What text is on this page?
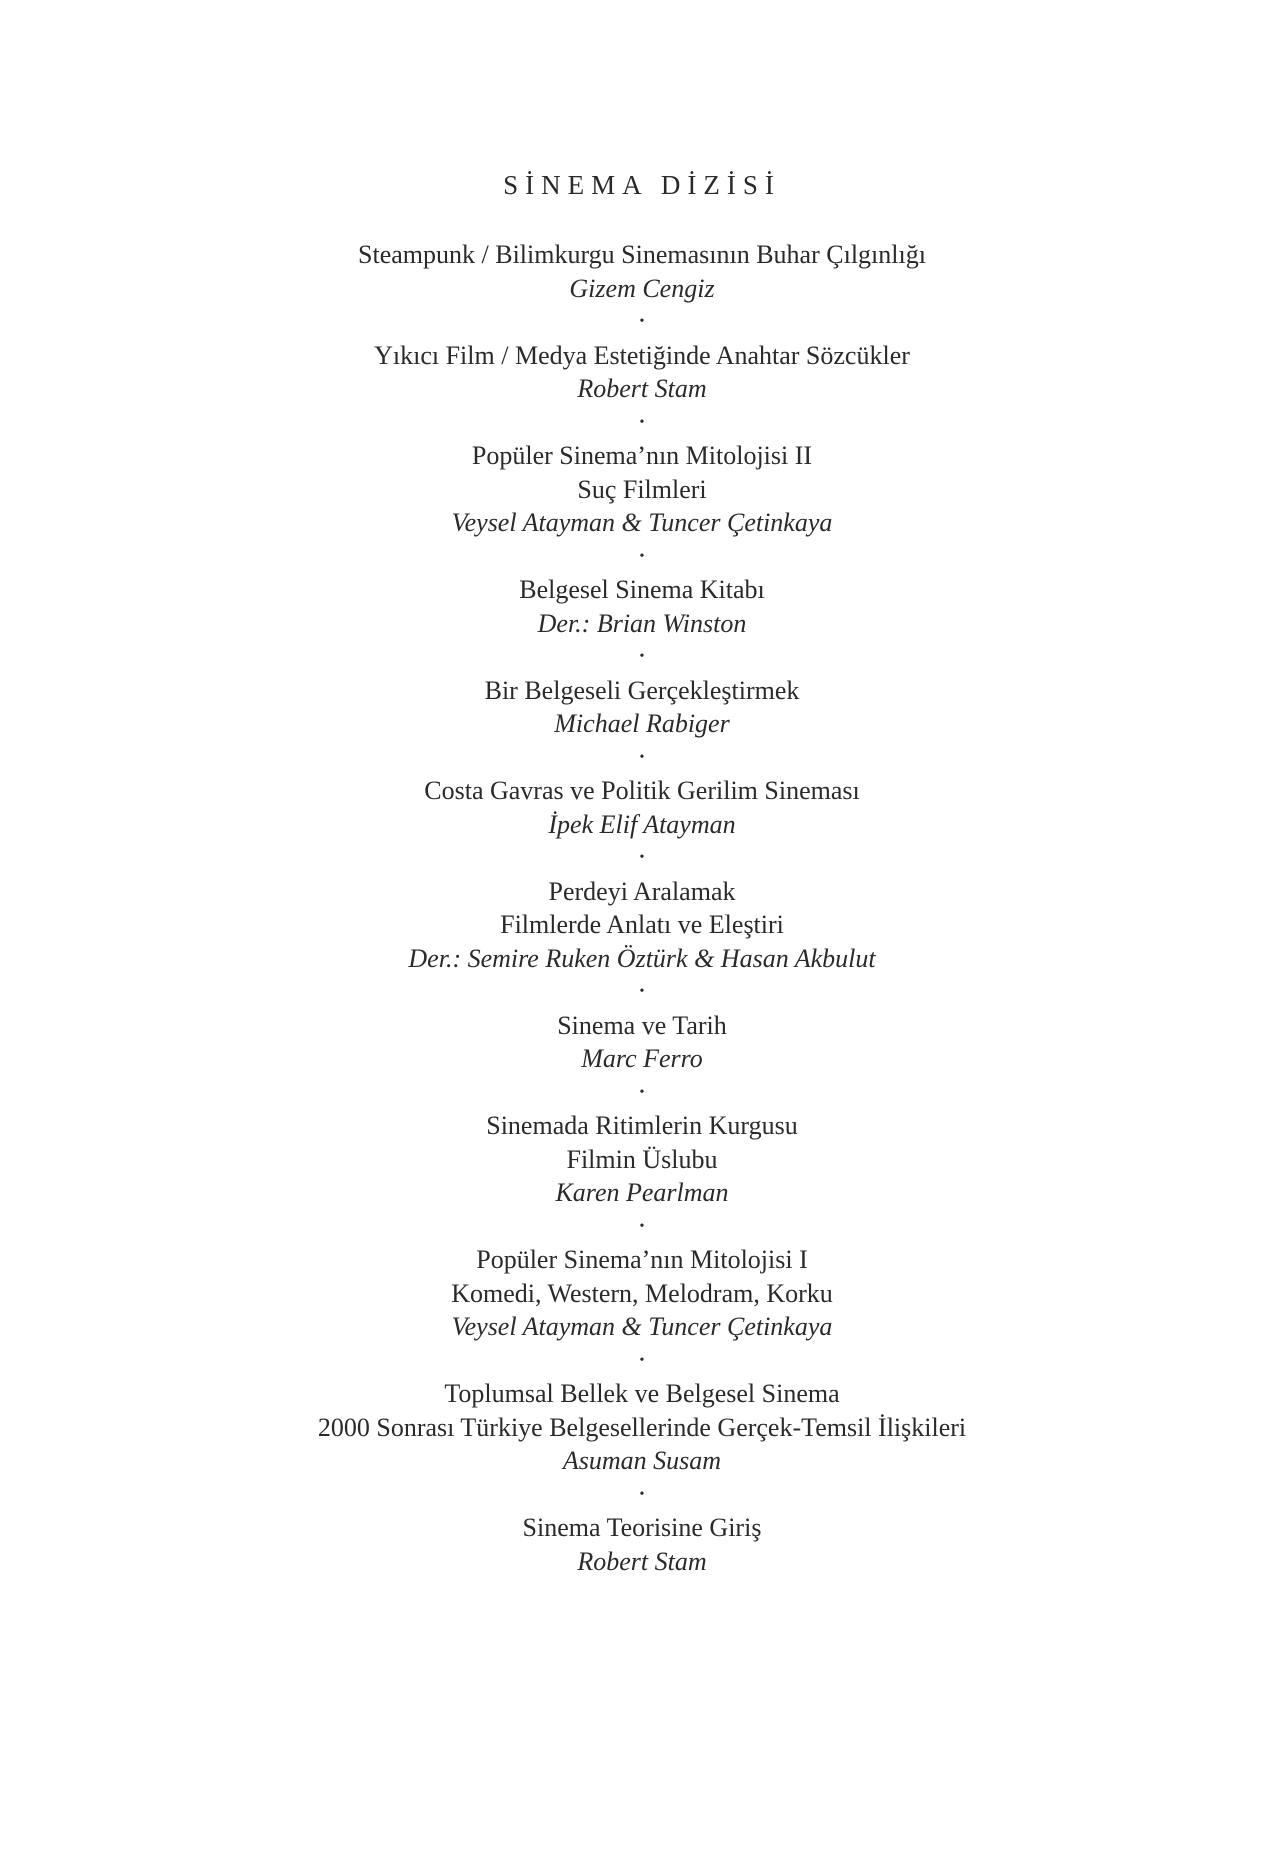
SİNEMA DİZİSİ
Steampunk / Bilimkurgu Sinemasının Buhar Çılgınlığı
Gizem Cengiz
•
Yıkıcı Film / Medya Estetiğinde Anahtar Sözcükler
Robert Stam
•
Popüler Sinema’nın Mitolojisi II
Suç Filmleri
Veysel Atayman & Tuncer Çetinkaya
•
Belgesel Sinema Kitabı
Der.: Brian Winston
•
Bir Belgeseli Gerçekleştirmek
Michael Rabiger
•
Costa Gavras ve Politik Gerilim Sineması
İpek Elif Atayman
•
Perdeyi Aralamak
Filmlerde Anlatı ve Eleştiri
Der.: Semire Ruken Öztürk & Hasan Akbulut
•
Sinema ve Tarih
Marc Ferro
•
Sinemada Ritimlerin Kurgusu
Filmin Üslubu
Karen Pearlman
•
Popüler Sinema’nın Mitolojisi I
Komedi, Western, Melodram, Korku
Veysel Atayman & Tuncer Çetinkaya
•
Toplumsal Bellek ve Belgesel Sinema
2000 Sonrası Türkiye Belgesellerinde Gerçek-Temsil İlişkileri
Asuman Susam
•
Sinema Teorisine Giriş
Robert Stam
